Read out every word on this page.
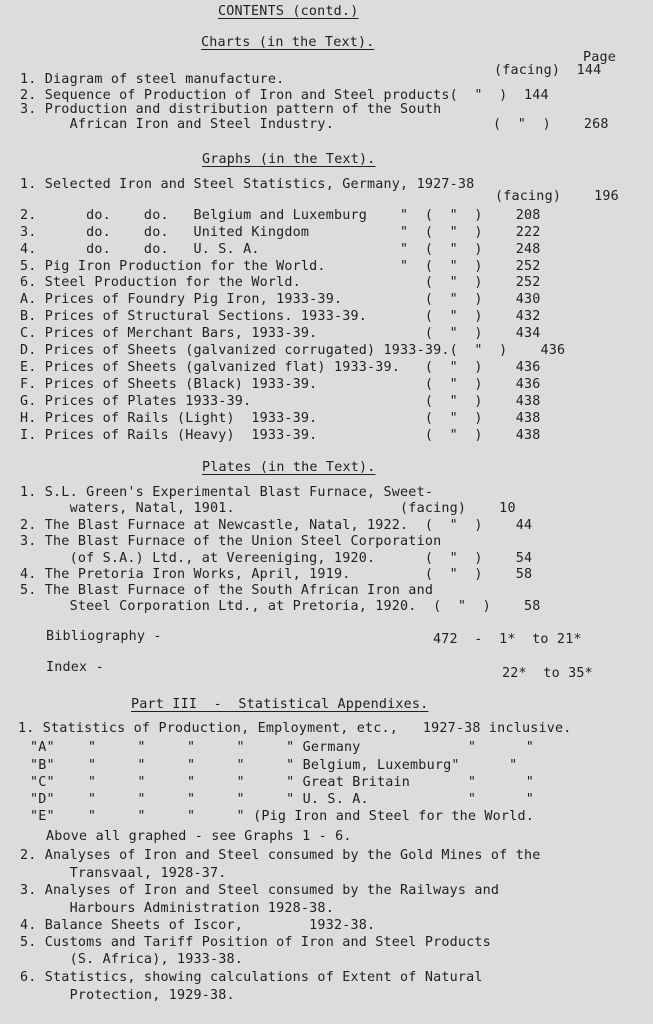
CONTENTS (contd.)
Charts (in the Text).
Page
(facing)  144
1. Diagram of steel manufacture.
2. Sequence of Production of Iron and Steel products(  "  )  144
3. Production and distribution pattern of the South
African Iron and Steel Industry.	(  "  )    268
Graphs (in the Text).
1. Selected Iron and Steel Statistics, Germany, 1927-38
(facing)    196
2.      do.    do.   Belgium and Luxemburg    "  (  "  )    208
3.      do.    do.   United Kingdom           "  (  "  )    222
4.      do.    do.   U. S. A.                 "  (  "  )    248
5. Pig Iron Production for the World.         "  (  "  )    252
6. Steel Production for the World.               (  "  )    252
A. Prices of Foundry Pig Iron, 1933-39.          (  "  )    430
B. Prices of Structural Sections. 1933-39.       (  "  )    432
C. Prices of Merchant Bars, 1933-39.             (  "  )    434
D. Prices of Sheets (galvanized corrugated) 1933-39.(  "  )    436
E. Prices of Sheets (galvanized flat) 1933-39.   (  "  )    436
F. Prices of Sheets (Black) 1933-39.             (  "  )    436
G. Prices of Plates 1933-39.                     (  "  )    438
H. Prices of Rails (Light)  1933-39.             (  "  )    438
I. Prices of Rails (Heavy)  1933-39.             (  "  )    438
Plates (in the Text).
1. S.L. Green's Experimental Blast Furnace, Sweet-
waters, Natal, 1901.                    (facing)    10
2. The Blast Furnace at Newcastle, Natal, 1922.  (  "  )    44
3. The Blast Furnace of the Union Steel Corporation
(of S.A.) Ltd., at Vereeniging, 1920.      (  "  )    54
4. The Pretoria Iron Works, April, 1919.         (  "  )    58
5. The Blast Furnace of the South African Iron and
Steel Corporation Ltd., at Pretoria, 1920.  (  "  )    58
Bibliography -	472  -  1*  to 21*
Index -	22*  to 35*
Part III  -  Statistical Appendixes.
1. Statistics of Production, Employment, etc.,   1927-38 inclusive.
"A"    "     "     "     "     " Germany             "      "
"B"    "     "     "     "     " Belgium, Luxemburg"      "
"C"    "     "     "     "     " Great Britain       "      "
"D"    "     "     "     "     " U. S. A.            "      "
"E"    "     "     "     " (Pig Iron and Steel for the World.
Above all graphed - see Graphs 1 - 6.
2. Analyses of Iron and Steel consumed by the Gold Mines of the
Transvaal, 1928-37.
3. Analyses of Iron and Steel consumed by the Railways and
Harbours Administration 1928-38.
4. Balance Sheets of Iscor,        1932-38.
5. Customs and Tariff Position of Iron and Steel Products
(S. Africa), 1933-38.
6. Statistics, showing calculations of Extent of Natural
Protection, 1929-38.
